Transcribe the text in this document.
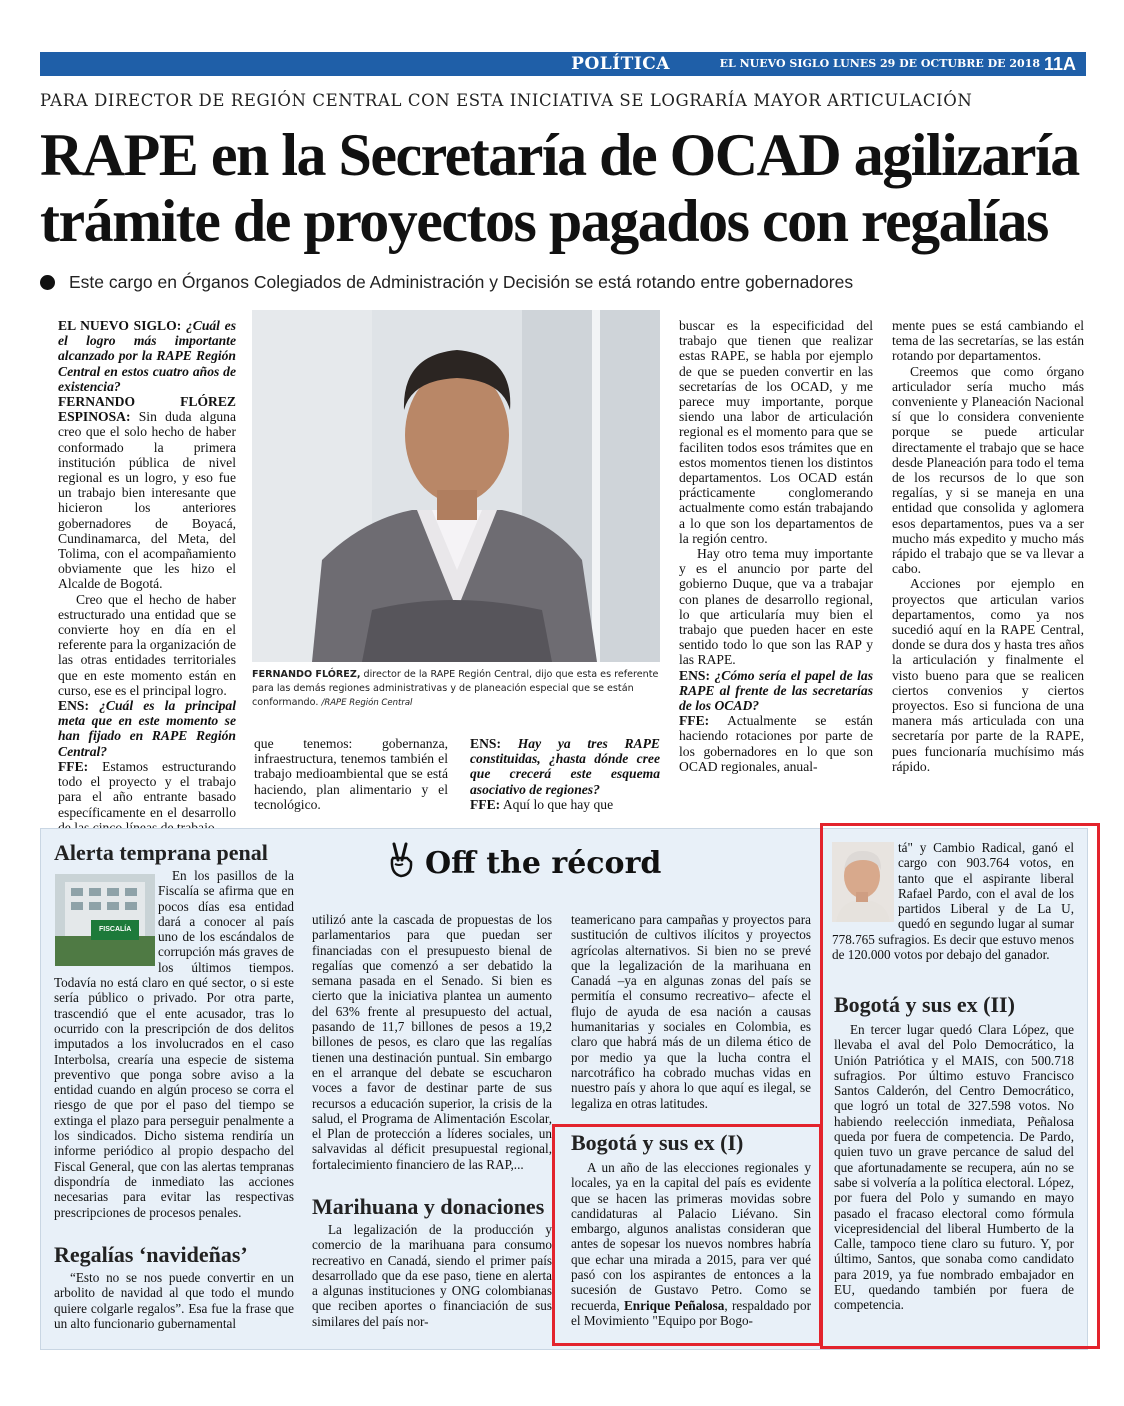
POLÍTICA	EL NUEVO SIGLO LUNES 29 DE OCTUBRE DE 2018 11A
PARA DIRECTOR DE REGIÓN CENTRAL CON ESTA INICIATIVA SE LOGRARÍA MAYOR ARTICULACIÓN
RAPE en la Secretaría de OCAD agilizaría
trámite de proyectos pagados con regalías
Este cargo en Órganos Colegiados de Administración y Decisión se está rotando entre gobernadores

EL NUEVO SIGLO: ¿Cuál es el logro más importante alcanzado por la RAPE Región Central en estos cuatro años de existencia?

FERNANDO FLÓREZ ESPINOSA: Sin duda alguna creo que el solo hecho de haber conformado la primera institución pública de nivel regional es un logro, y eso fue un trabajo bien interesante que hicieron los anteriores gobernadores de Boyacá, Cundinamarca, del Meta, del Tolima, con el acompañamiento obviamente que les hizo el Alcalde de Bogotá.

Creo que el hecho de haber estructurado una entidad que se convierte hoy en día en el referente para la organización de las otras entidades territoriales que en este momento están en curso, ese es el principal logro.

ENS: ¿Cuál es la principal meta que en este momento se han fijado en RAPE Región Central?

FFE: Estamos estructurando todo el proyecto y el trabajo para el año entrante basado específicamente en el desarrollo

FERNANDO FLÓREZ, director de la RAPE Región Central, dijo que esta es referente para las demás regiones administrativas y de planeación especial que se están conformando. /RAPE Región Central

que tenemos: gobernanza, infraestructura, tenemos también el trabajo medioambiental que se está haciendo, plan alimentario y el tecnológico.

ENS: Hay ya tres RAPE constituidas, ¿hasta dónde cree que crecerá este esquema asociativo de regiones?

FFE: Aquí lo que hay que

buscar es la especificidad del trabajo que tienen que realizar estas RAPE, se habla por ejemplo de que se pueden convertir en las secretarías de los OCAD, y me parece muy importante, porque siendo una labor de articulación regional es el momento para que se faciliten todos esos trámites que en estos momentos tienen los distintos departamentos. Los OCAD están prácticamente conglomerando actualmente como están trabajando a lo que son los departamentos de la región centro.

Hay otro tema muy importante y es el anuncio por parte del gobierno Duque, que va a trabajar con planes de desarrollo regional, lo que articularía muy bien el trabajo que pueden hacer en este sentido todo lo que son las RAP y las RAPE.

ENS: ¿Cómo sería el papel de las RAPE al frente de las secretarías de los OCAD?

FFE: Actualmente se están haciendo rotaciones por parte de los gobernadores en lo que son OCAD regionales, anual-

mente pues se está cambiando el tema de las secretarías, se las están rotando por departamentos.

Creemos que como órgano articulador sería mucho más conveniente y Planeación Nacional sí que lo considera conveniente porque se puede articular directamente el trabajo que se hace desde Planeación para todo el tema de los recursos de lo que son regalías, y si se maneja en una entidad que consolida y aglomera esos departamentos, pues va a ser mucho más expedito y mucho más rápido el trabajo que se va llevar a cabo.

Acciones por ejemplo en proyectos que articulan varios departamentos, como ya nos sucedió aquí en la RAPE Central, donde se dura dos y hasta tres años la articulación y finalmente el visto bueno para que se realicen ciertos convenios y ciertos proyectos. Eso si funciona de una manera más articulada con una secretaría por parte de la RAPE, pues funcionaría muchísimo más rápido.

Off the récord
Alerta temprana penal
FISCALÍA

En los pasillos de la Fiscalía se afirma que en pocos días esa entidad dará a conocer al país uno de los escándalos de corrupción más graves de los últimos tiempos. Todavía no está claro en qué sector, o si este sería público o privado. Por otra parte, trascendió que el ente acusador, tras lo ocurrido con la prescripción de dos delitos imputados a los involucrados en el caso Interbolsa, crearía una especie de sistema preventivo que ponga sobre aviso a la entidad cuando en algún proceso se corra el riesgo de que por el paso del tiempo se extinga el plazo para perseguir penalmente a los sindicados. Dicho sistema rendiría un informe periódico al propio despacho del Fiscal General, que con las alertas tempranas dispondría de inmediato las acciones necesarias para evitar las respectivas prescripciones de procesos penales.

Regalías ‘navideñas’

“Esto no se nos puede convertir en un arbolito de navidad al que todo el mundo quiere colgarle regalos”. Esa fue la frase que un alto funcionario gubernamental

utilizó ante la cascada de propuestas de los parlamentarios para que puedan ser financiadas con el presupuesto bienal de regalías que comenzó a ser debatido la semana pasada en el Senado. Si bien es cierto que la iniciativa plantea un aumento del 63% frente al presupuesto del actual, pasando de 11,7 billones de pesos a 19,2 billones de pesos, es claro que las regalías tienen una destinación puntual. Sin embargo en el arranque del debate se escucharon voces a favor de destinar parte de sus recursos a educación superior, la crisis de la salud, el Programa de Alimentación Escolar, el Plan de protección a líderes sociales, un salvavidas al déficit presupuestal regional, fortalecimiento financiero de las RAP,...

Marihuana y donaciones

La legalización de la producción y comercio de la marihuana para consumo recreativo en Canadá, siendo el primer país desarrollado que da ese paso, tiene en alerta a algunas instituciones y ONG colombianas que reciben aportes o financiación de sus similares del país nor-

teamericano para campañas y proyectos para sustitución de cultivos ilícitos y proyectos agrícolas alternativos. Si bien no se prevé que la legalización de la marihuana en Canadá –ya en algunas zonas del país se permitía el consumo recreativo– afecte el flujo de ayuda de esa nación a causas humanitarias y sociales en Colombia, es claro que habrá más de un dilema ético de por medio ya que la lucha contra el narcotráfico ha cobrado muchas vidas en nuestro país y ahora lo que aquí es ilegal, se legaliza en otras latitudes.

Bogotá y sus ex (I)

A un año de las elecciones regionales y locales, ya en la capital del país es evidente que se hacen las primeras movidas sobre candidaturas al Palacio Liévano. Sin embargo, algunos analistas consideran que antes de sopesar los nuevos nombres habría que echar una mirada a 2015, para ver qué pasó con los aspirantes de entonces a la sucesión de Gustavo Petro. Como se recuerda, Enrique Peñalosa, respaldado por el Movimiento "Equipo por Bogo-

tá" y Cambio Radical, ganó el cargo con 903.764 votos, en tanto que el aspirante liberal Rafael Pardo, con el aval de los partidos Liberal y de La U, quedó en segundo lugar al sumar 778.765 sufragios. Es decir que estuvo menos de 120.000 votos por debajo del ganador.

Bogotá y sus ex (II)

En tercer lugar quedó Clara López, que llevaba el aval del Polo Democrático, la Unión Patriótica y el MAIS, con 500.718 sufragios. Por último estuvo Francisco Santos Calderón, del Centro Democrático, que logró un total de 327.598 votos. No habiendo reelección inmediata, Peñalosa queda por fuera de competencia. De Pardo, quien tuvo un grave percance de salud del que afortunadamente se recupera, aún no se sabe si volvería a la política electoral. López, por fuera del Polo y sumando en mayo pasado el fracaso electoral como fórmula vicepresidencial del liberal Humberto de la Calle, tampoco tiene claro su futuro. Y, por último, Santos, que sonaba como candidato para 2019, ya fue nombrado embajador en EU, quedando también por fuera de competencia.
